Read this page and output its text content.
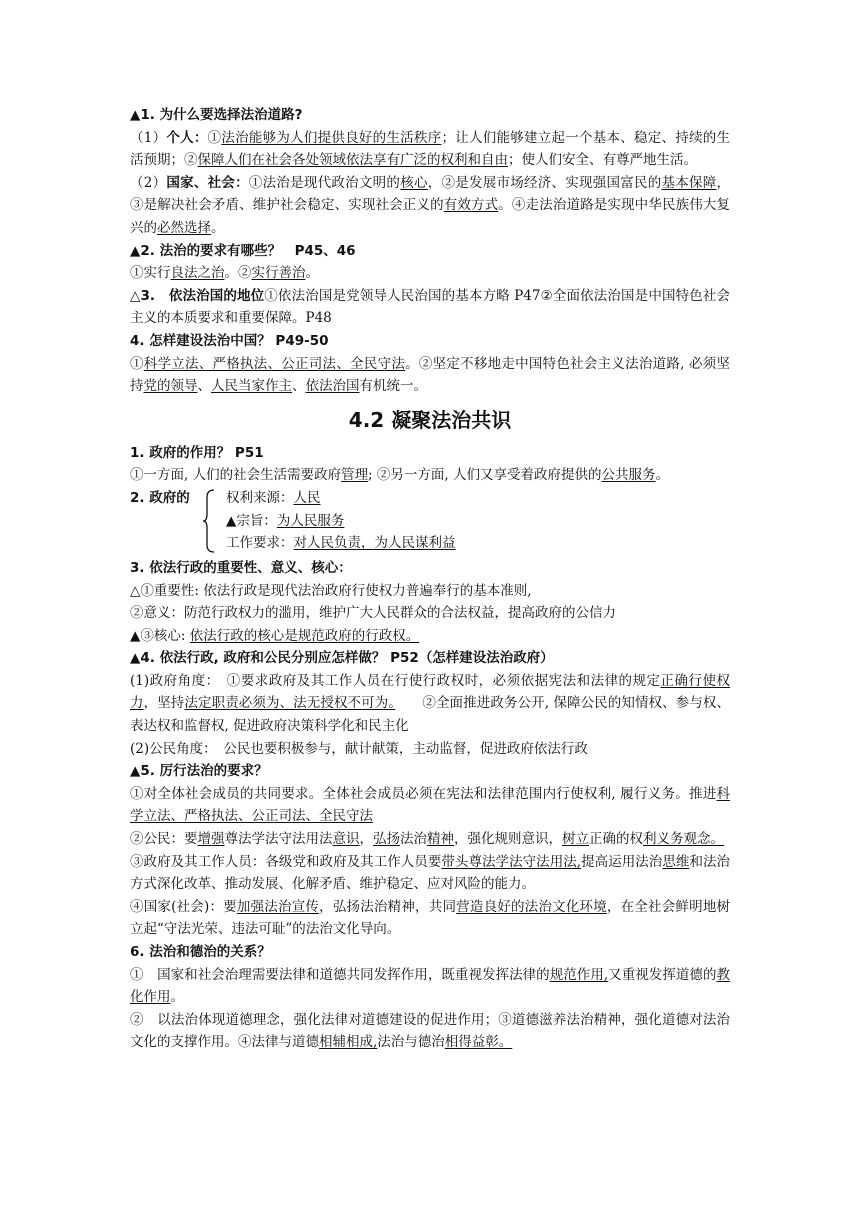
▲1. 为什么要选择法治道路?

（1）个人：①法治能够为人们提供良好的生活秩序；让人们能够建立起一个基本、稳定、持续的生活预期；②保障人们在社会各处领域依法享有广泛的权利和自由；使人们安全、有尊严地生活。

（2）国家、社会：①法治是现代政治文明的核心，②是发展市场经济、实现强国富民的基本保障，③是解决社会矛盾、维护社会稳定、实现社会正义的有效方式。④走法治道路是实现中华民族伟大复兴的必然选择。

▲2. 法治的要求有哪些？　P45、46

①实行良法之治。②实行善治。

△3.　依法治国的地位①依法治国是党领导人民治国的基本方略 P47②全面依法治国是中国特色社会主义的本质要求和重要保障。P48

4. 怎样建设法治中国？ P49-50

①科学立法、严格执法、公正司法、全民守法。②坚定不移地走中国特色社会主义法治道路, 必须坚持党的领导、人民当家作主、依法治国有机统一。

4.2 凝聚法治共识

1. 政府的作用？ P51

①一方面, 人们的社会生活需要政府管理; ②另一方面, 人们又享受着政府提供的公共服务。

2. 政府的	权利来源：人民
▲宗旨：为人民服务
工作要求：对人民负责，为人民谋利益

3. 依法行政的重要性、意义、核心：

△①重要性: 依法行政是现代法治政府行使权力普遍奉行的基本准则,

②意义：防范行政权力的滥用，维护广大人民群众的合法权益，提高政府的公信力

▲③核心: 依法行政的核心是规范政府的行政权。

▲4. 依法行政, 政府和公民分别应怎样做？ P52（怎样建设法治政府）

(1)政府角度：　①要求政府及其工作人员在行使行政权时，必须依据宪法和法律的规定正确行使权力，坚持法定职责必须为、法无授权不可为。　　②全面推进政务公开, 保障公民的知情权、参与权、表达权和监督权, 促进政府决策科学化和民主化

(2)公民角度：　公民也要积极参与，献计献策，主动监督，促进政府依法行政

▲5. 厉行法治的要求？

①对全体社会成员的共同要求。全体社会成员必须在宪法和法律范围内行使权利, 履行义务。推进科学立法、严格执法、公正司法、全民守法

②公民：要增强尊法学法守法用法意识，弘扬法治精神，强化规则意识，树立正确的权利义务观念。

③政府及其工作人员：各级党和政府及其工作人员要带头尊法学法守法用法,提高运用法治思维和法治方式深化改革、推动发展、化解矛盾、维护稳定、应对风险的能力。

④国家(社会)：要加强法治宣传，弘扬法治精神，共同营造良好的法治文化环境，在全社会鲜明地树立起“守法光荣、违法可耻”的法治文化导向。

6. 法治和德治的关系？

①　国家和社会治理需要法律和道德共同发挥作用，既重视发挥法律的规范作用,又重视发挥道德的教化作用。

②　以法治体现道德理念，强化法律对道德建设的促进作用；③道德滋养法治精神，强化道德对法治文化的支撑作用。④法律与道德相辅相成,法治与德治相得益彰。
